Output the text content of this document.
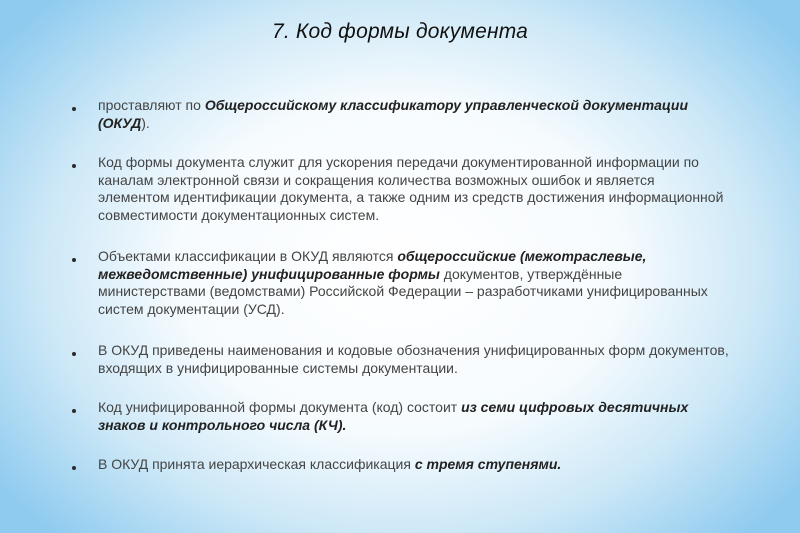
7. Код формы документа
проставляют по Общероссийскому классификатору управленческой документации (ОКУД).
Код формы документа служит для ускорения передачи документированной информации по каналам электронной связи и сокращения количества возможных ошибок и является элементом идентификации документа, а также одним из средств достижения информационной совместимости документационных систем.
Объектами классификации в ОКУД являются общероссийские (межотраслевые, межведомственные) унифицированные формы документов, утверждённые министерствами (ведомствами) Российской Федерации – разработчиками унифицированных систем документации (УСД).
В ОКУД приведены наименования и кодовые обозначения унифицированных форм документов, входящих в унифицированные системы документации.
Код унифицированной формы документа (код) состоит из семи цифровых десятичных знаков и контрольного числа (КЧ).
В ОКУД принята иерархическая классификация с тремя ступенями.
